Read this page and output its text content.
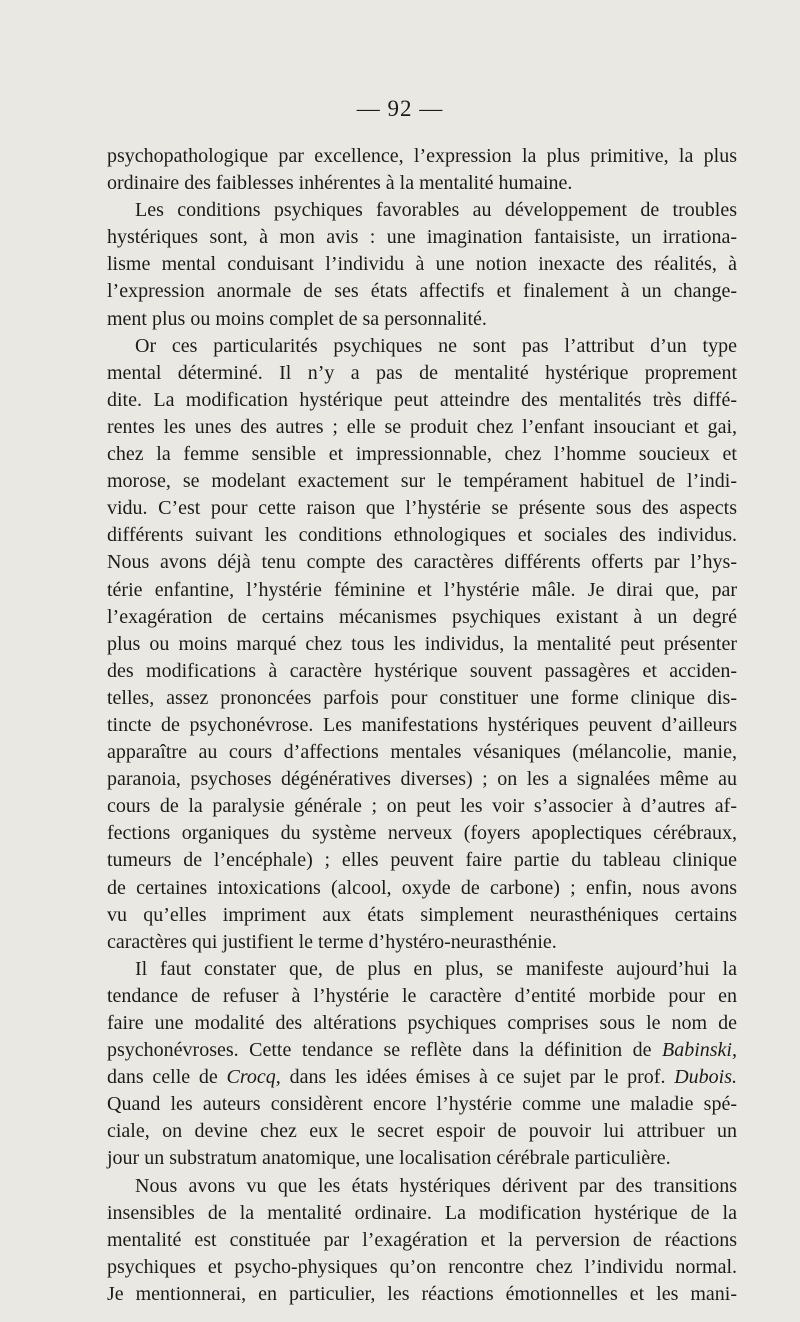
— 92 —
psychopathologique par excellence, l’expression la plus primitive, la plus
ordinaire des faiblesses inhérentes à la mentalité humaine.
Les conditions psychiques favorables au développement de troubles
hystériques sont, à mon avis : une imagination fantaisiste, un irrationa-
lisme mental conduisant l’individu à une notion inexacte des réalités, à
l’expression anormale de ses états affectifs et finalement à un change-
ment plus ou moins complet de sa personnalité.
Or ces particularités psychiques ne sont pas l’attribut d’un type
mental déterminé. Il n’y a pas de mentalité hystérique proprement
dite. La modification hystérique peut atteindre des mentalités très diffé-
rentes les unes des autres ; elle se produit chez l’enfant insouciant et gai,
chez la femme sensible et impressionnable, chez l’homme soucieux et
morose, se modelant exactement sur le tempérament habituel de l’indi-
vidu. C’est pour cette raison que l’hystérie se présente sous des aspects
différents suivant les conditions ethnologiques et sociales des individus.
Nous avons déjà tenu compte des caractères différents offerts par l’hys-
térie enfantine, l’hystérie féminine et l’hystérie mâle. Je dirai que, par
l’exagération de certains mécanismes psychiques existant à un degré
plus ou moins marqué chez tous les individus, la mentalité peut présenter
des modifications à caractère hystérique souvent passagères et acciden-
telles, assez prononcées parfois pour constituer une forme clinique dis-
tincte de psychonévrose. Les manifestations hystériques peuvent d’ailleurs
apparaître au cours d’affections mentales vésaniques (mélancolie, manie,
paranoia, psychoses dégénératives diverses) ; on les a signalées même au
cours de la paralysie générale ; on peut les voir s’associer à d’autres af-
fections organiques du système nerveux (foyers apoplectiques cérébraux,
tumeurs de l’encéphale) ; elles peuvent faire partie du tableau clinique
de certaines intoxications (alcool, oxyde de carbone) ; enfin, nous avons
vu qu’elles impriment aux états simplement neurasthéniques certains
caractères qui justifient le terme d’hystéro-neurasthénie.
Il faut constater que, de plus en plus, se manifeste aujourd’hui la
tendance de refuser à l’hystérie le caractère d’entité morbide pour en
faire une modalité des altérations psychiques comprises sous le nom de
psychonévroses. Cette tendance se reflète dans la définition de Babinski,
dans celle de Crocq, dans les idées émises à ce sujet par le prof. Dubois.
Quand les auteurs considèrent encore l’hystérie comme une maladie spé-
ciale, on devine chez eux le secret espoir de pouvoir lui attribuer un
jour un substratum anatomique, une localisation cérébrale particulière.
Nous avons vu que les états hystériques dérivent par des transitions
insensibles de la mentalité ordinaire. La modification hystérique de la
mentalité est constituée par l’exagération et la perversion de réactions
psychiques et psycho-physiques qu’on rencontre chez l’individu normal.
Je mentionnerai, en particulier, les réactions émotionnelles et les mani-
